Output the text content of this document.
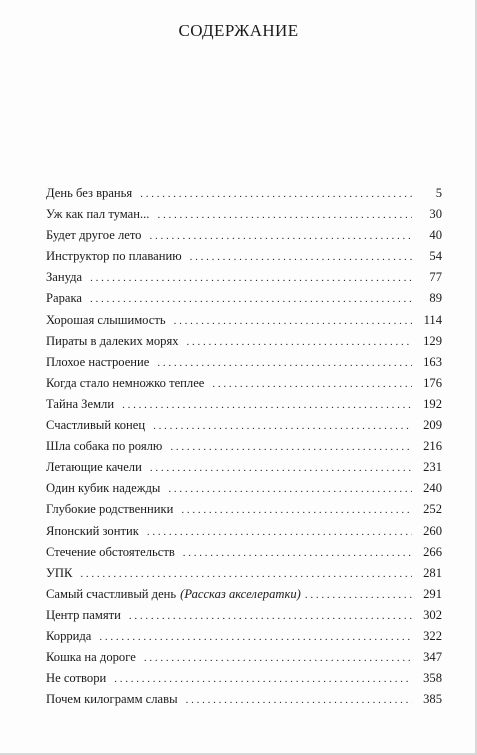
СОДЕРЖАНИЕ
День без вранья . . .	5
Уж как пал туман... . . .	30
Будет другое лето . . .	40
Инструктор по плаванию . . .	54
Зануда . . .	77
Рарака . . .	89
Хорошая слышимость . . .	114
Пираты в далеких морях . . .	129
Плохое настроение . . .	163
Когда стало немножко теплее . . .	176
Тайна Земли . . .	192
Счастливый конец . . .	209
Шла собака по роялю . . .	216
Летающие качели . . .	231
Один кубик надежды . . .	240
Глубокие родственники . . .	252
Японский зонтик . . .	260
Стечение обстоятельств . . .	266
УПК . . .	281
Самый счастливый день (Рассказ акселератки) . . .	291
Центр памяти . . .	302
Коррида . . .	322
Кошка на дороге . . .	347
Не сотвори . . .	358
Почем килограмм славы . . .	385
